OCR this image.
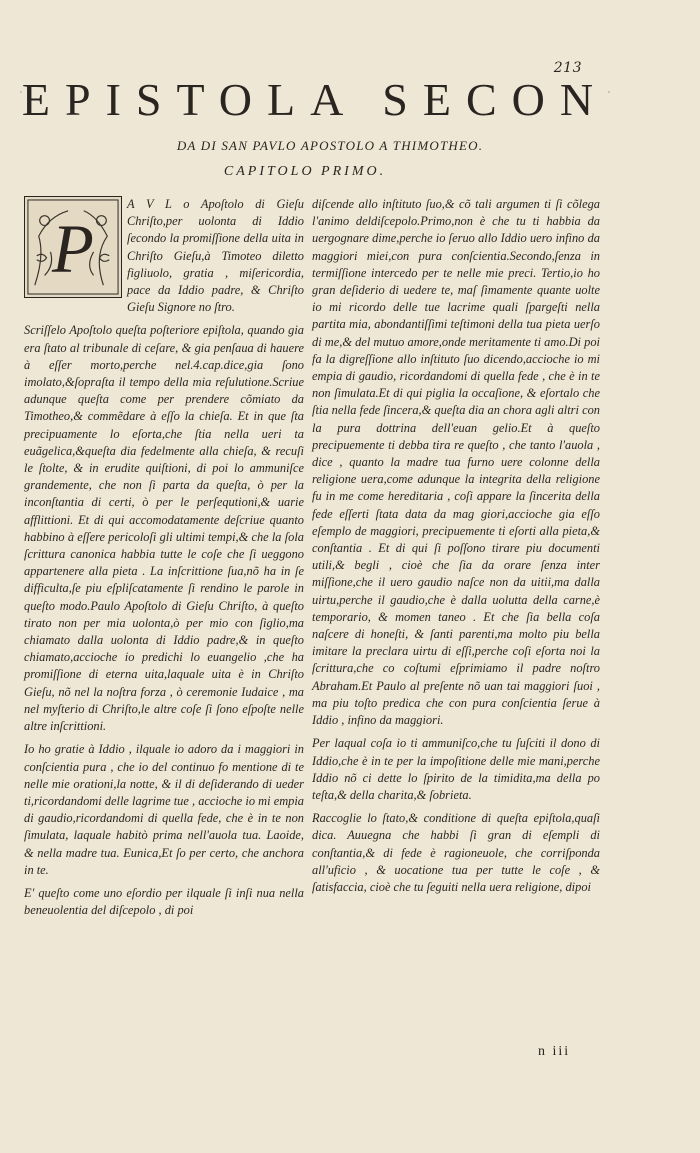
213
EPISTOLA SECON
DA DI SAN PAVLO APOSTOLO A THIMOTHEO.
CAPITOLO PRIMO.
P

A V L o Apoſtolo di Gieſu Chriſto,per uolonta di Iddio ſecondo la promiſſione della uita in Chriſto Gieſu,à Timoteo diletto figliuolo, gratia , miſericordia, pace da Iddio padre, & Chriſto Gieſu Signore no ſtro.

Scriſſelo Apoſtolo queſta poſteriore epiſtola, quando gia era ſtato al tribunale di ceſare, & gia penſaua di hauere à eſſer morto,perche nel.4.cap.dice,gia ſono imolato,&ſopraſta il tempo della mia reſulutione.Scriue adunque queſta come per prendere cõmiato da Timotheo,& commẽdare à eſſo la chieſa. Et in que ſta precipuamente lo eſorta,che ſtia nella ueri ta euãgelica,&queſta dia fedelmente alla chieſa, & recuſi le ſtolte, & in erudite quiſtioni, di poi lo ammuniſce grandemente, che non ſi parta da queſta, ò per la inconſtantia di certi, ò per le perſequtioni,& uarie afflittioni. Et di qui accomodatamente deſcriue quanto habbino à eſſere pericoloſi gli ultimi tempi,& che la ſola ſcrittura canonica habbia tutte le coſe che ſi ueggono appartenere alla pieta . La inſcrittione ſua,nõ ha in ſe difficulta,ſe piu eſpliſcatamente ſi rendino le parole in queſto modo.Paulo Apoſtolo di Gieſu Chriſto, à queſto tirato non per mia uolonta,ò per mio con ſiglio,ma chiamato dalla uolonta di Iddio padre,& in queſto chiamato,accioche io predichi lo euangelio ,che ha promiſſione di eterna uita,laquale uita è in Chriſto Gieſu, nõ nel la noſtra forza , ò ceremonie Iudaice , ma nel myſterio di Chriſto,le altre coſe ſi ſono eſpoſte nelle altre inſcrittioni.

Io ho gratie à Iddio , ilquale io adoro da i maggiori in conſcientia pura , che io del continuo fo mentione di te nelle mie orationi,la notte, & il di deſiderando di ueder ti,ricordandomi delle lagrime tue , accioche io mi empia di gaudio,ricordandomi di quella fede, che è in te non ſimulata, laquale habitò prima nell'auola tua. Laoide, & nella madre tua. Eunica,Et ſo per certo, che anchora in te.

E' queſto come uno eſordio per ilquale ſi inſi nua nella beneuolentia del diſcepolo , di poi

diſcende allo inſtituto ſuo,& cõ tali argumen ti ſi cõlega l'animo deldiſcepolo.Primo,non è che tu ti habbia da uergognare dime,perche io ſeruo allo Iddio uero infino da maggiori miei,con pura conſcientia.Secondo,ſenza in termiſſione intercedo per te nelle mie preci. Tertio,io ho gran deſiderio di uedere te, maſ ſimamente quante uolte io mi ricordo delle tue lacrime quali ſpargeſti nella partita mia, abondantiſſimi teſtimoni della tua pieta uerſo di me,& del mutuo amore,onde meritamente ti amo.Di poi fa la digreſſione allo inſtituto ſuo dicendo,accioche io mi empia di gaudio, ricordandomi di quella fede , che è in te non ſimulata.Et di qui piglia la occaſione, & eſortalo che ſtia nella fede ſincera,& queſta dia an chora agli altri con la pura dottrina dell'euan gelio.Et à queſto precipuemente ti debba tira re queſto , che tanto l'auola , dice , quanto la madre tua furno uere colonne della religione uera,come adunque la integrita della religione fu in me come hereditaria , coſi appare la ſincerita della fede eſſerti ſtata data da mag giori,accioche gia eſſo eſemplo de maggiori, precipuemente ti eſorti alla pieta,& conſtantia . Et di qui ſi poſſono tirare piu documenti utili,& begli , cioè che ſia da orare ſenza inter miſſione,che il uero gaudio naſce non da uitii,ma dalla uirtu,perche il gaudio,che è dalla uolutta della carne,è temporario, & momen taneo . Et che ſia bella coſa naſcere di honeſti, & ſanti parenti,ma molto piu bella imitare la preclara uirtu di eſſi,perche coſi eſorta noi la ſcrittura,che co coſtumi eſprimiamo il padre noſtro Abraham.Et Paulo al preſente nõ uan tai maggiori ſuoi , ma piu toſto predica che con pura conſcientia ſerue à Iddio , infino da maggiori.

Per laqual coſa io ti ammuniſco,che tu ſuſciti il dono di Iddio,che è in te per la impoſitione delle mie mani,perche Iddio nõ ci dette lo ſpirito de la timidita,ma della po teſta,& della charita,& ſobrieta.

Raccoglie lo ſtato,& conditione di queſta epiſtola,quaſi dica. Auuegna che habbi ſi gran di eſempli di conſtantia,& di fede è ragioneuole, che corriſponda all'uficio , & uocatione tua per tutte le coſe , & ſatisfaccia, cioè che tu ſeguiti nella uera religione, dipoi

n iii
